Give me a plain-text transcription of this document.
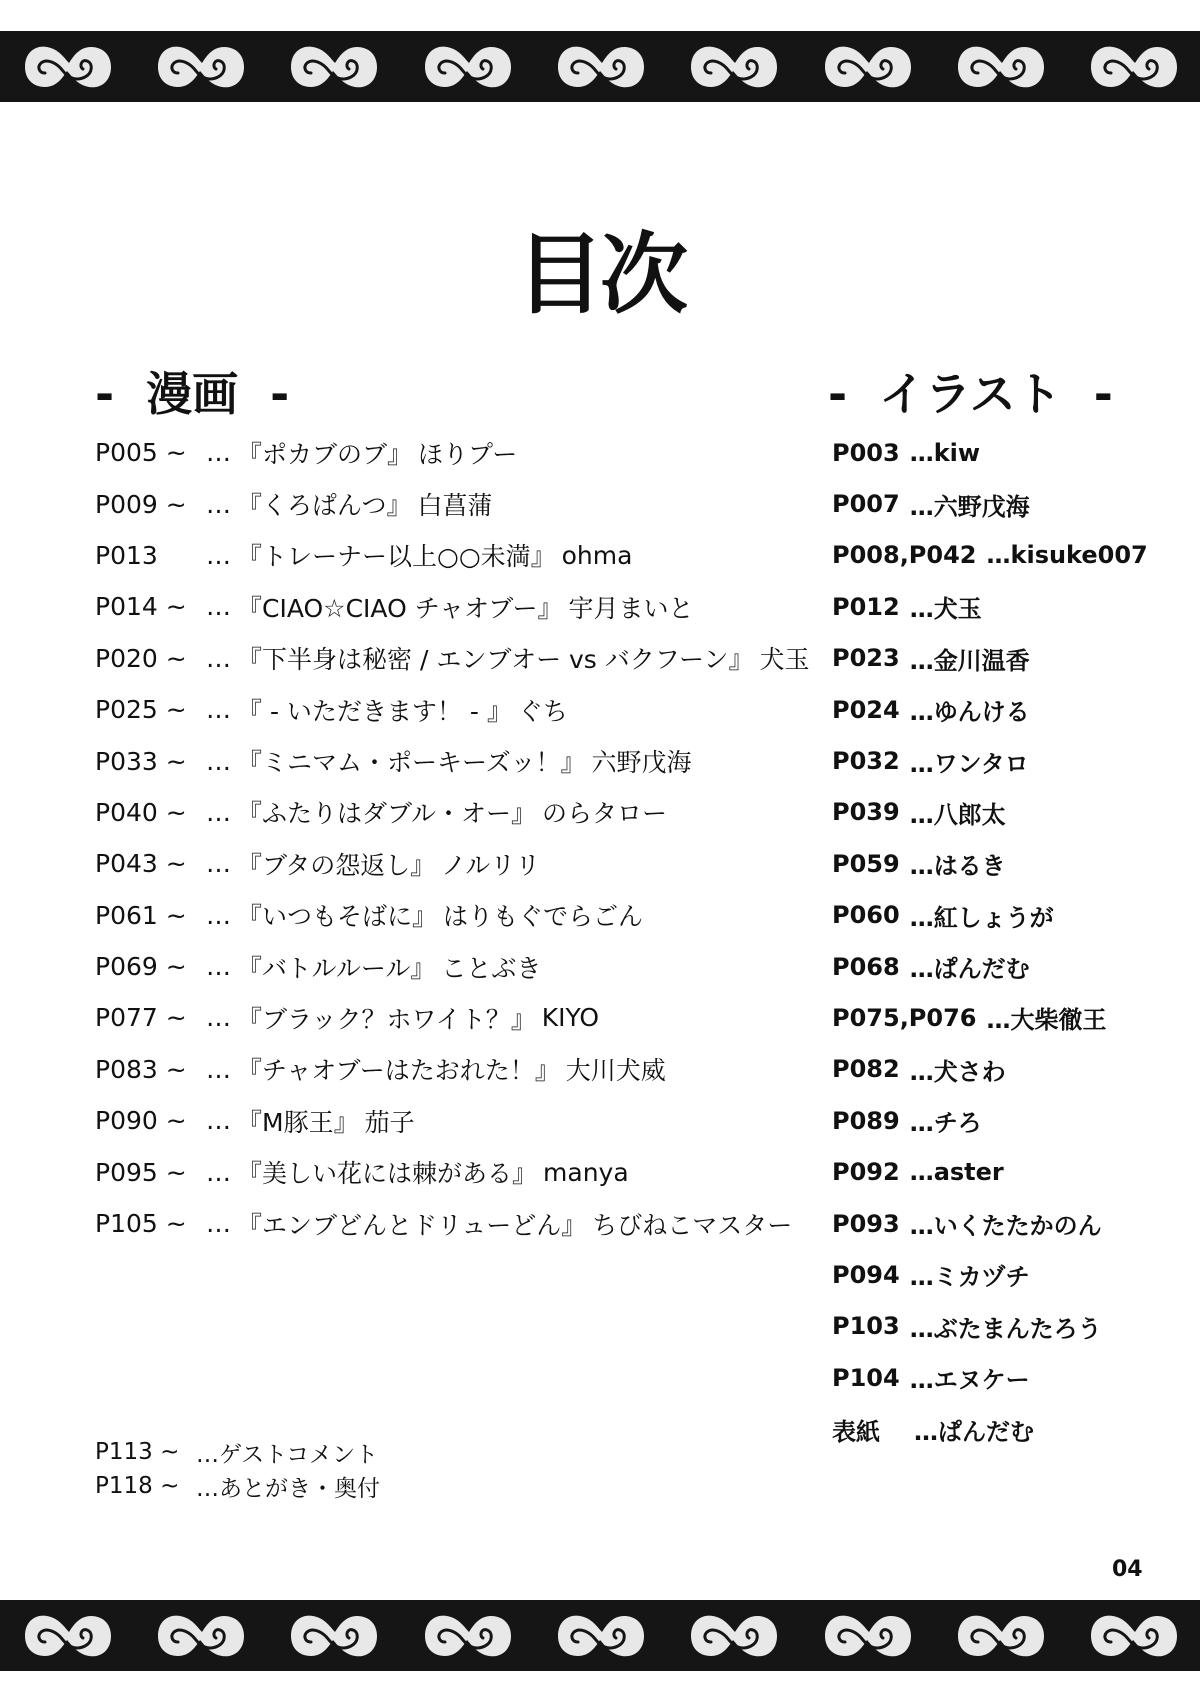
目次
-  漫画  -	-  イラスト  -
P005 ~ … 『ポカブのブ』 ほりプー
P009 ~ … 『くろぱんつ』 白菖蒲
P013	… 『トレーナー以上○○未満』 ohma
P014 ~ … 『CIAO☆CIAO チャオブー』 宇月まいと
P020 ~ … 『下半身は秘密 / エンブオー vs バクフーン』 犬玉
P025 ~ … 『 - いただきます！ - 』 ぐち
P033 ~ … 『ミニマム・ポーキーズッ！』 六野戊海
P040 ~ … 『ふたりはダブル・オー』 のらタロー
P043 ~ … 『ブタの怨返し』 ノルリリ
P061 ~ … 『いつもそばに』 はりもぐでらごん
P069 ~ … 『バトルルール』 ことぶき
P077 ~ … 『ブラック？ホワイト？』 KIYO
P083 ~ … 『チャオブーはたおれた！』 大川犬威
P090 ~ … 『M豚王』 茄子
P095 ~ … 『美しい花には棘がある』 manya
P105 ~ … 『エンブどんとドリューどん』 ちびねこマスター
P003 …kiw
P007 …六野戊海
P008,P042 …kisuke007
P012 …犬玉
P023 …金川温香
P024 …ゆんける
P032 …ワンタロ
P039 …八郎太
P059 …はるき
P060 …紅しょうが
P068 …ぱんだむ
P075,P076 …大柴徹王
P082 …犬さわ
P089 …チろ
P092 …aster
P093 …いくたたかのん
P094 …ミカヅチ
P103 …ぶたまんたろう
P104 …エヌケー
表紙　 …ぱんだむ
P113 ~ …ゲストコメント
P118 ~ …あとがき・奥付
04
